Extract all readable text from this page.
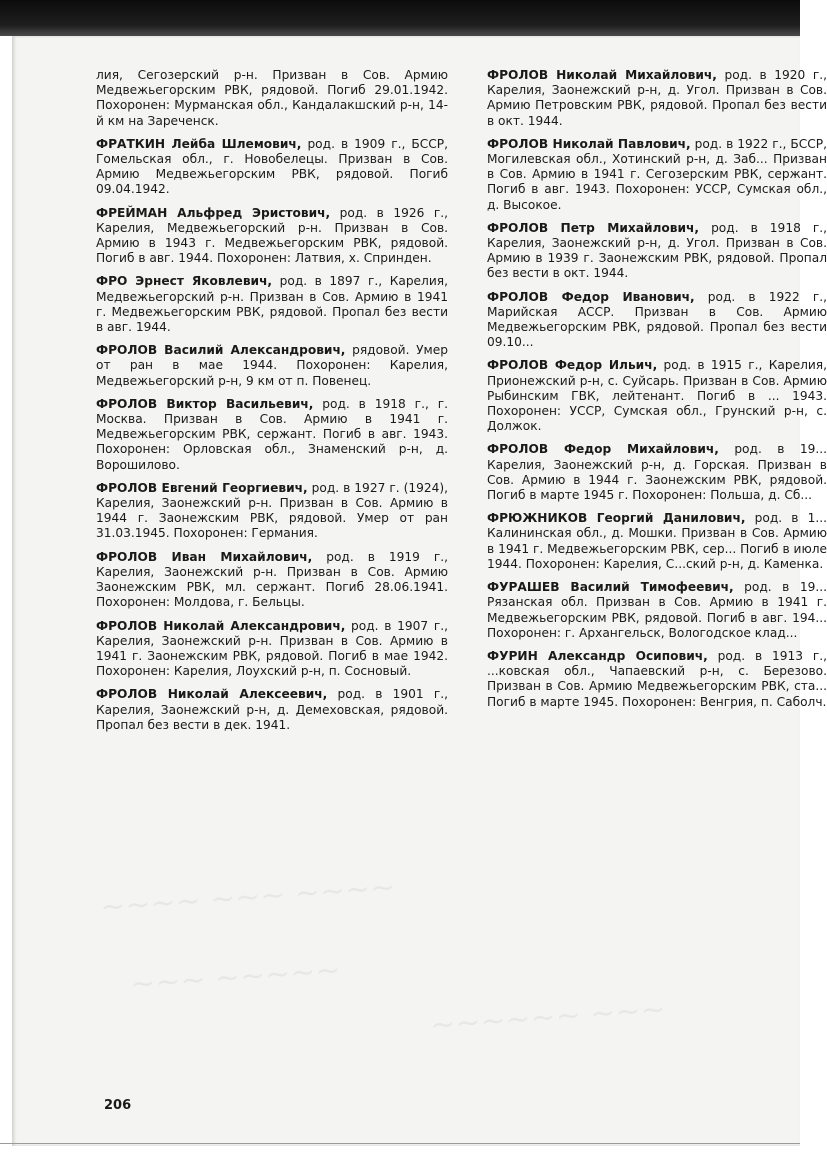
~~~~ ~~~ ~~~~
~~~ ~~~~~
~~~~~~ ~~~

лия, Сегозерский р-н. Призван в Сов. Армию Медвежьегорским РВК, рядовой. Погиб 29.01.1942. Похоронен: Мурманская обл., Кандалакшский р-н, 14-й км на Зареченск.

ФРАТКИН Лейба Шлемович, род. в 1909 г., БССР, Гомельская обл., г. Новобелецы. Призван в Сов. Армию Медвежьегорским РВК, рядовой. Погиб 09.04.1942.

ФРЕЙМАН Альфред Эристович, род. в 1926 г., Карелия, Медвежьегорский р-н. Призван в Сов. Армию в 1943 г. Медвежьегорским РВК, рядовой. Погиб в авг. 1944. Похоронен: Латвия, х. Спринден.

ФРО Эрнест Яковлевич, род. в 1897 г., Карелия, Медвежьегорский р-н. Призван в Сов. Армию в 1941 г. Медвежьегорским РВК, рядовой. Пропал без вести в авг. 1944.

ФРОЛОВ Василий Александрович, рядовой. Умер от ран в мае 1944. Похоронен: Карелия, Медвежьегорский р-н, 9 км от п. Повенец.

ФРОЛОВ Виктор Васильевич, род. в 1918 г., г. Москва. Призван в Сов. Армию в 1941 г. Медвежьегорским РВК, сержант. Погиб в авг. 1943. Похоронен: Орловская обл., Знаменский р-н, д. Ворошилово.

ФРОЛОВ Евгений Георгиевич, род. в 1927 г. (1924), Карелия, Заонежский р-н. Призван в Сов. Армию в 1944 г. Заонежским РВК, рядовой. Умер от ран 31.03.1945. Похоронен: Германия.

ФРОЛОВ Иван Михайлович, род. в 1919 г., Карелия, Заонежский р-н. Призван в Сов. Армию Заонежским РВК, мл. сержант. Погиб 28.06.1941. Похоронен: Молдова, г. Бельцы.

ФРОЛОВ Николай Александрович, род. в 1907 г., Карелия, Заонежский р-н. Призван в Сов. Армию в 1941 г. Заонежским РВК, рядовой. Погиб в мае 1942. Похоронен: Карелия, Лоухский р-н, п. Сосновый.

ФРОЛОВ Николай Алексеевич, род. в 1901 г., Карелия, Заонежский р-н, д. Демеховская, рядовой. Пропал без вести в дек. 1941.

ФРОЛОВ Николай Михайлович, род. в 1920 г., Карелия, Заонежский р-н, д. Угол. Призван в Сов. Армию Петровским РВК, рядовой. Пропал без вести в окт. 1944.

ФРОЛОВ Николай Павлович, род. в 1922 г., БССР, Могилевская обл., Хотинский р-н, д. Заб... Призван в Сов. Армию в 1941 г. Сегозерским РВК, сержант. Погиб в авг. 1943. Похоронен: УССР, Сумская обл., д. Высокое.

ФРОЛОВ Петр Михайлович, род. в 1918 г., Карелия, Заонежский р-н, д. Угол. Призван в Сов. Армию в 1939 г. Заонежским РВК, рядовой. Пропал без вести в окт. 1944.

ФРОЛОВ Федор Иванович, род. в 1922 г., Марийская АССР. Призван в Сов. Армию Медвежьегорским РВК, рядовой. Пропал без вести 09.10...

ФРОЛОВ Федор Ильич, род. в 1915 г., Карелия, Прионежский р-н, с. Суйсарь. Призван в Сов. Армию Рыбинским ГВК, лейтенант. Погиб в ... 1943. Похоронен: УССР, Сумская обл., Грунский р-н, с. Должок.

ФРОЛОВ Федор Михайлович, род. в 19... Карелия, Заонежский р-н, д. Горская. Призван в Сов. Армию в 1944 г. Заонежским РВК, рядовой. Погиб в марте 1945 г. Похоронен: Польша, д. Сб...

ФРЮЖНИКОВ Георгий Данилович, род. в 1... Калининская обл., д. Мошки. Призван в Сов. Армию в 1941 г. Медвежьегорским РВК, сер... Погиб в июле 1944. Похоронен: Карелия, С...ский р-н, д. Каменка.

ФУРАШЕВ Василий Тимофеевич, род. в 19... Рязанская обл. Призван в Сов. Армию в 1941 г. Медвежьегорским РВК, рядовой. Погиб в авг. 194... Похоронен: г. Архангельск, Вологодское клад...

ФУРИН Александр Осипович, род. в 1913 г., ...ковская обл., Чапаевский р-н, с. Березово. Призван в Сов. Армию Медвежьегорским РВК, ста... Погиб в марте 1945. Похоронен: Венгрия, п. Саболч.

206
